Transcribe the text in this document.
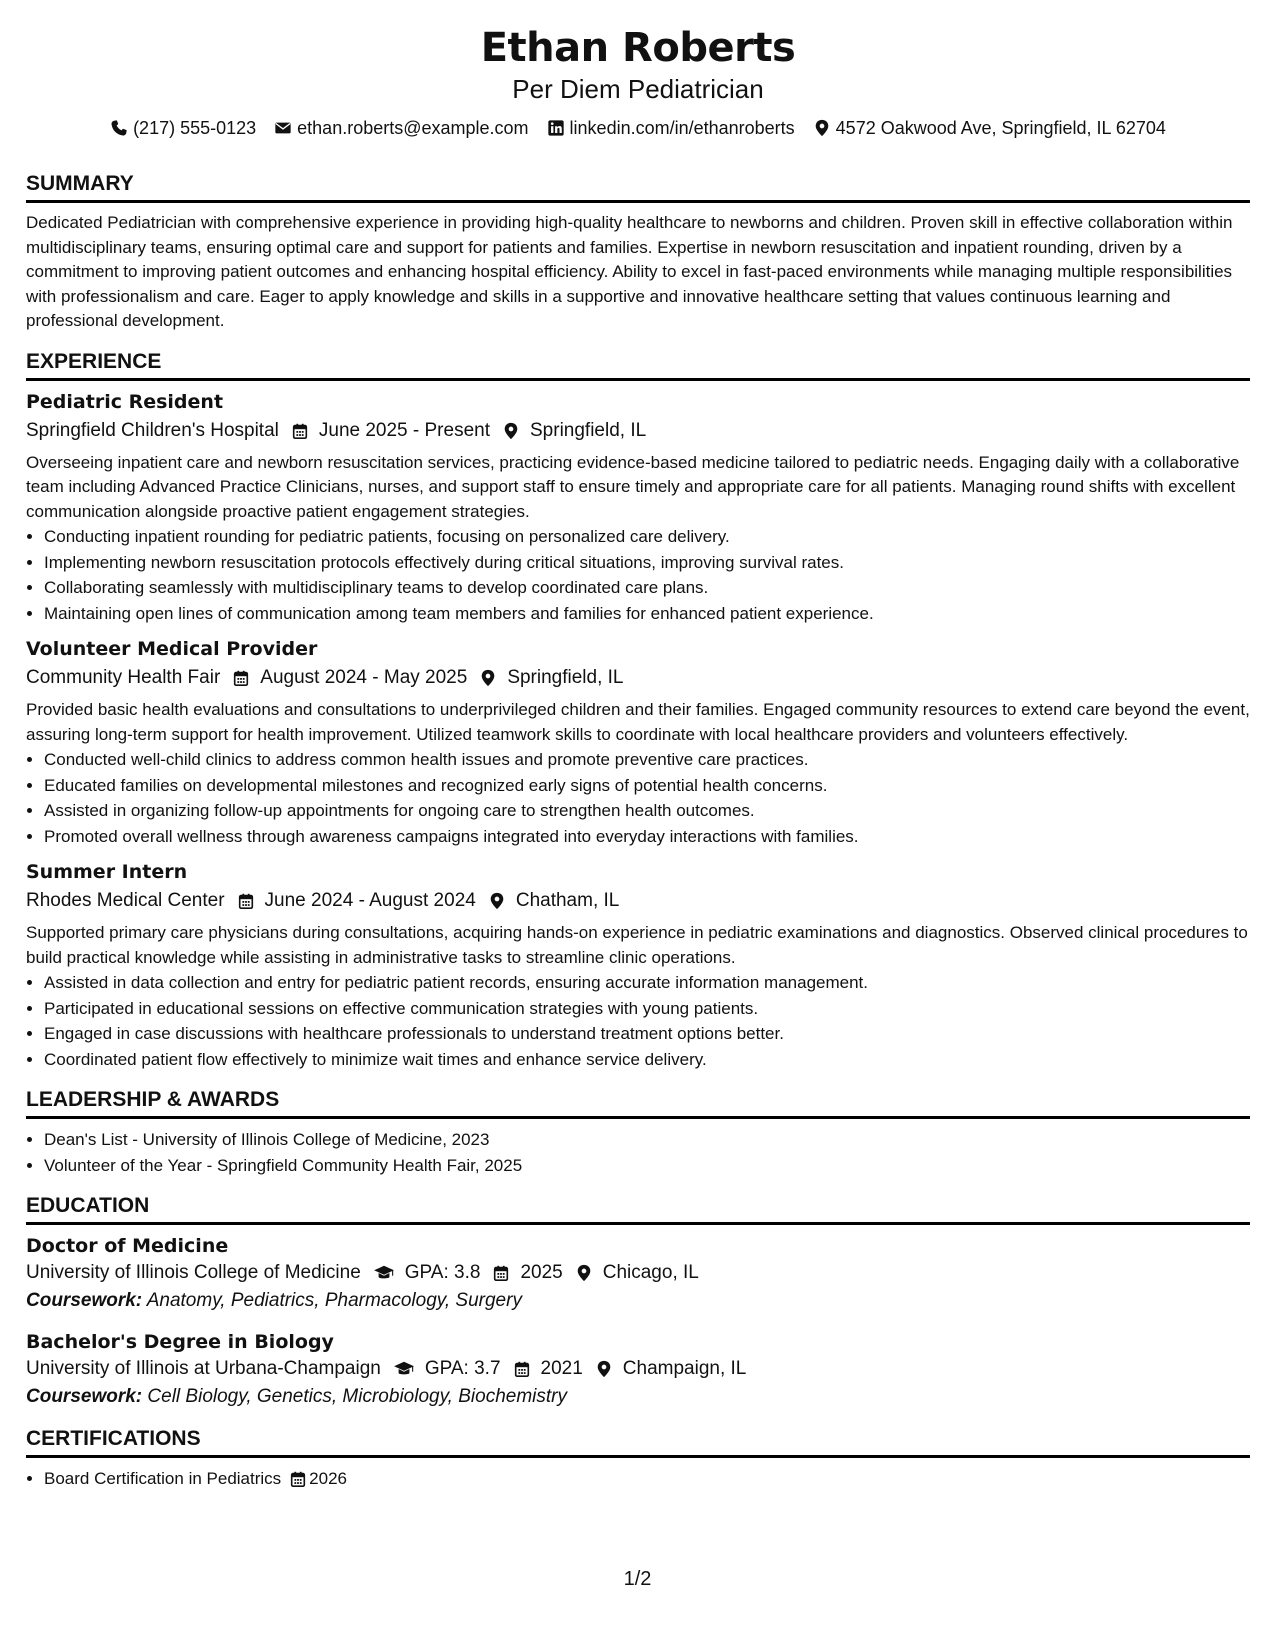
Ethan Roberts
Per Diem Pediatrician
(217) 555-0123 ethan.roberts@example.com linkedin.com/in/ethanroberts 4572 Oakwood Ave, Springfield, IL 62704
SUMMARY
Dedicated Pediatrician with comprehensive experience in providing high-quality healthcare to newborns and children. Proven skill in effective collaboration within multidisciplinary teams, ensuring optimal care and support for patients and families. Expertise in newborn resuscitation and inpatient rounding, driven by a commitment to improving patient outcomes and enhancing hospital efficiency. Ability to excel in fast-paced environments while managing multiple responsibilities with professionalism and care. Eager to apply knowledge and skills in a supportive and innovative healthcare setting that values continuous learning and professional development.
EXPERIENCE
Pediatric Resident
Springfield Children's Hospital June 2025 - Present Springfield, IL
Overseeing inpatient care and newborn resuscitation services, practicing evidence-based medicine tailored to pediatric needs. Engaging daily with a collaborative team including Advanced Practice Clinicians, nurses, and support staff to ensure timely and appropriate care for all patients. Managing round shifts with excellent communication alongside proactive patient engagement strategies.
• Conducting inpatient rounding for pediatric patients, focusing on personalized care delivery.
• Implementing newborn resuscitation protocols effectively during critical situations, improving survival rates.
• Collaborating seamlessly with multidisciplinary teams to develop coordinated care plans.
• Maintaining open lines of communication among team members and families for enhanced patient experience.
Volunteer Medical Provider
Community Health Fair August 2024 - May 2025 Springfield, IL
Provided basic health evaluations and consultations to underprivileged children and their families. Engaged community resources to extend care beyond the event, assuring long-term support for health improvement. Utilized teamwork skills to coordinate with local healthcare providers and volunteers effectively.
• Conducted well-child clinics to address common health issues and promote preventive care practices.
• Educated families on developmental milestones and recognized early signs of potential health concerns.
• Assisted in organizing follow-up appointments for ongoing care to strengthen health outcomes.
• Promoted overall wellness through awareness campaigns integrated into everyday interactions with families.
Summer Intern
Rhodes Medical Center June 2024 - August 2024 Chatham, IL
Supported primary care physicians during consultations, acquiring hands-on experience in pediatric examinations and diagnostics. Observed clinical procedures to build practical knowledge while assisting in administrative tasks to streamline clinic operations.
• Assisted in data collection and entry for pediatric patient records, ensuring accurate information management.
• Participated in educational sessions on effective communication strategies with young patients.
• Engaged in case discussions with healthcare professionals to understand treatment options better.
• Coordinated patient flow effectively to minimize wait times and enhance service delivery.
LEADERSHIP & AWARDS
• Dean's List - University of Illinois College of Medicine, 2023
• Volunteer of the Year - Springfield Community Health Fair, 2025
EDUCATION
Doctor of Medicine
University of Illinois College of Medicine GPA: 3.8 2025 Chicago, IL
Coursework: Anatomy, Pediatrics, Pharmacology, Surgery
Bachelor's Degree in Biology
University of Illinois at Urbana-Champaign GPA: 3.7 2021 Champaign, IL
Coursework: Cell Biology, Genetics, Microbiology, Biochemistry
CERTIFICATIONS
• Board Certification in Pediatrics 2026
1/2
